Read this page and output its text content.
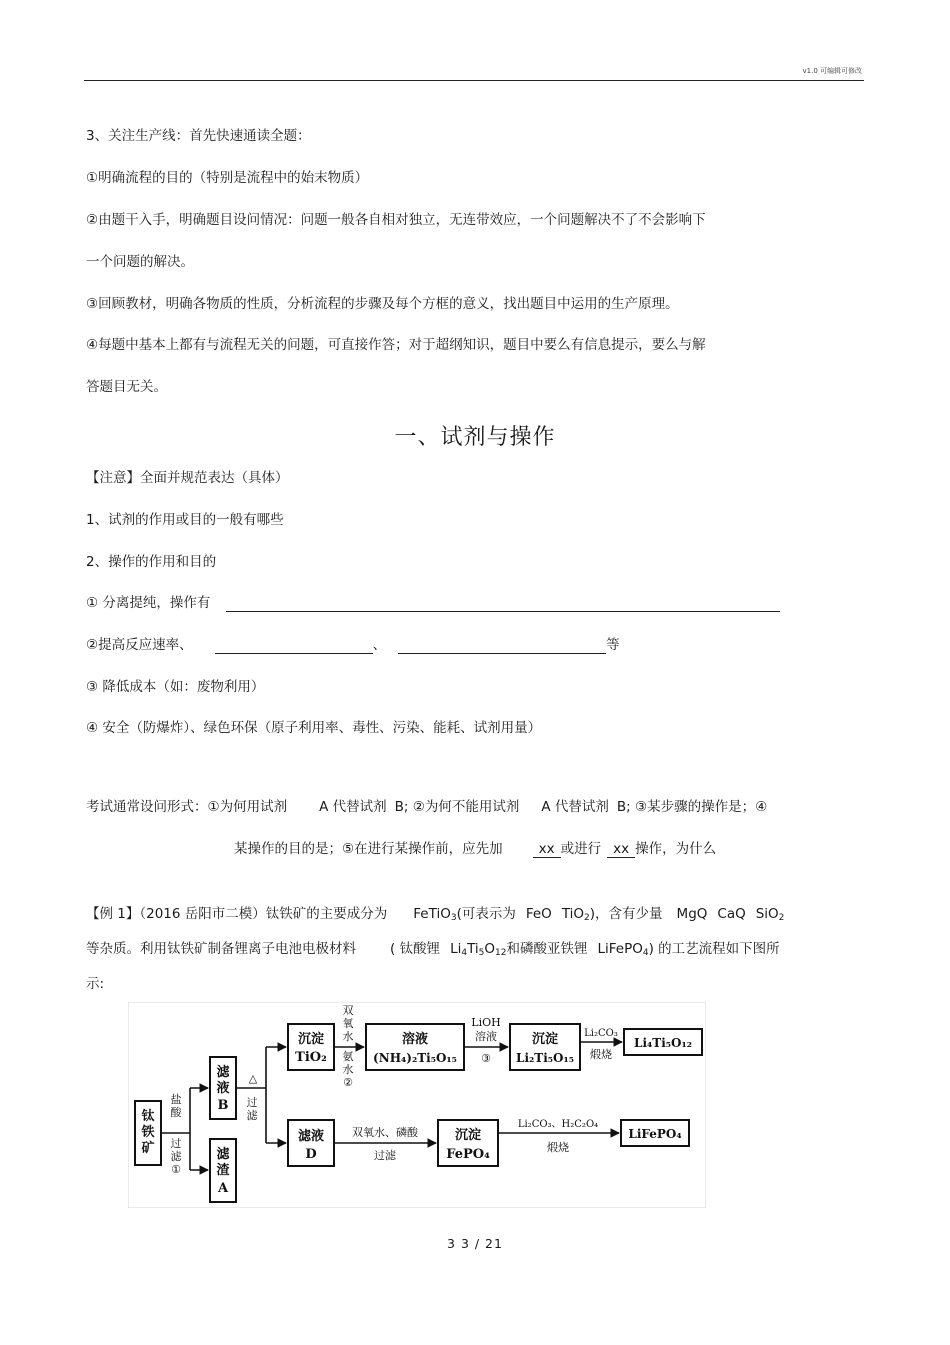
v1.0 可编辑可修改
3、关注生产线：首先快速通读全题：
①明确流程的目的（特别是流程中的始末物质）
②由题干入手，明确题目设问情况：问题一般各自相对独立，无连带效应，一个问题解决不了不会影响下
一个问题的解决。
③回顾教材，明确各物质的性质，分析流程的步骤及每个方框的意义，找出题目中运用的生产原理。
④每题中基本上都有与流程无关的问题，可直接作答；对于超纲知识，题目中要么有信息提示，要么与解
答题目无关。
一、试剂与操作
【注意】全面并规范表达（具体）
1、试剂的作用或目的一般有哪些
2、操作的作用和目的
① 分离提纯，操作有
②提高反应速率、	、	等
③ 降低成本（如：废物利用）
④ 安全（防爆炸）、绿色环保（原子利用率、毒性、污染、能耗、试剂用量）
考试通常设问形式：①为何用试剂 A 代替试剂 B; ②为何不能用试剂 A 代替试剂 B; ③某步骤的操作是；④
某操作的目的是；⑤在进行某操作前，应先加	xx 或进行 xx 操作，为什么
【例 1】（2016 岳阳市二模）钛铁矿的主要成分为 FeTiO$_3$(可表示为 FeO TiO$_2$)，含有少量 MgQ CaQ SiO$_2$
等杂质。利用钛铁矿制备锂离子电池电极材料	( 钛酸锂 $Li_4Ti_5O_{12}$和磷酸亚铁锂 LiFePO$_4$) 的工艺流程如下图所
示:
钛
铁
矿
滤
液
B
滤
渣
A
沉淀
TiO₂
溶液
(NH₄)₂Ti₅O₁₅
沉淀
Li₂Ti₅O₁₅
Li₄Ti₅O₁₂
滤液
D
沉淀
FePO₄
LiFePO₄
盐
酸
过
滤
①
△
过
滤
双
氧
水
氨
水
②
LiOH
溶液
③
Li₂CO₃
煅烧
双氧水、磷酸
过滤
Li₂CO₃、H₂C₂O₄
煅烧
3 3 / 21
